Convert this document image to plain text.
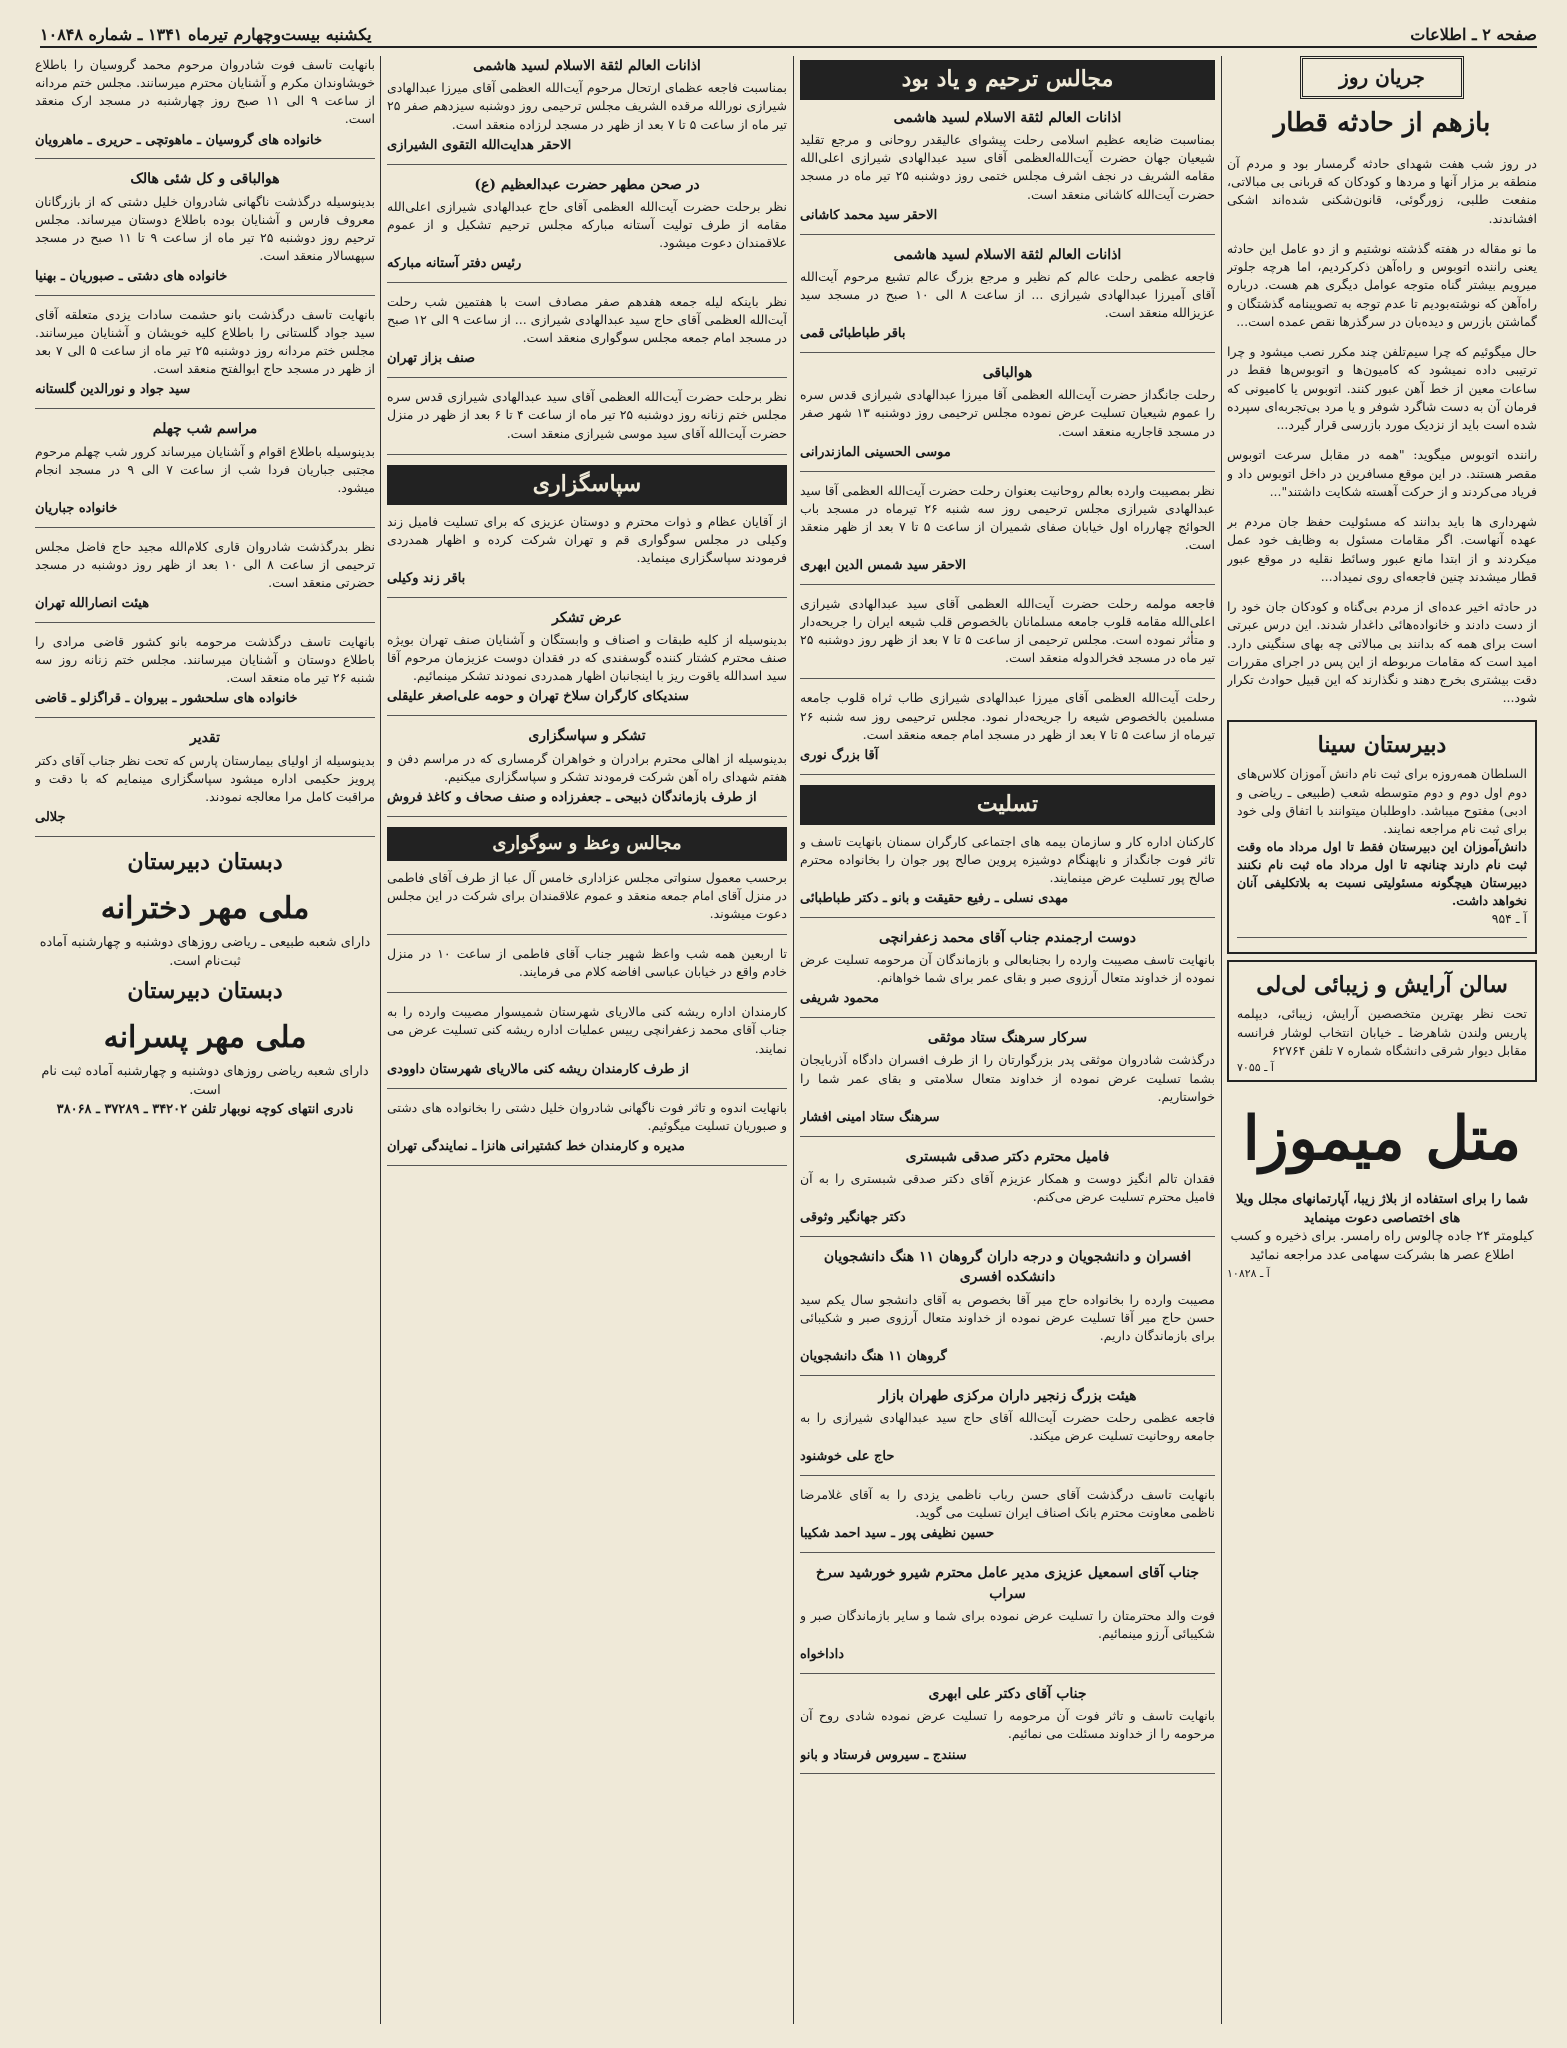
صفحه ۲ ـ اطلاعات
یکشنبه بیست‌وچهارم تیرماه ۱۳۴۱ ـ شماره ۱۰۸۴۸
جریان روز
بازهم از حادثه قطار

در روز شب هفت شهدای حادثه گرمسار بود و مردم آن منطقه بر مزار آنها و مردها و کودکان که قربانی بی مبالاتی، منفعت طلبی، زورگوئی، قانون‌شکنی شده‌اند اشکی افشاندند.

ما نو مقاله در هفته گذشته نوشتیم و از دو عامل این حادثه یعنی راننده اتوبوس و راه‌آهن ذکرکردیم، اما هرچه جلوتر میرویم بیشتر گناه متوجه عوامل دیگری هم هست. درباره راه‌آهن که نوشته‌بودیم تا عدم توجه به تصویبنامه گذشتگان و گماشتن بازرس و دیده‌بان در سرگذرها نقص عمده است...

حال میگوئیم که چرا سیم‌تلفن چند مکرر نصب میشود و چرا ترتیبی داده نمیشود که کامیون‌ها و اتوبوس‌ها فقط در ساعات معین از خط آهن عبور کنند. اتوبوس یا کامیونی که فرمان آن به دست شاگرد شوفر و یا مرد بی‌تجربه‌ای سپرده شده است باید از نزدیک مورد بازرسی قرار گیرد...

راننده اتوبوس میگوید: "همه در مقابل سرعت اتوبوس مقصر هستند. در این موقع مسافرین در داخل اتوبوس داد و فریاد می‌کردند و از حرکت آهسته شکایت داشتند"...

شهرداری ها باید بدانند که مسئولیت حفظ جان مردم بر عهده آنهاست. اگر مقامات مسئول به وظایف خود عمل میکردند و از ابتدا مانع عبور وسائط نقلیه در موقع عبور قطار میشدند چنین فاجعه‌ای روی نمیداد...

در حادثه اخیر عده‌ای از مردم بی‌گناه و کودکان جان خود را از دست دادند و خانواده‌هائی داغدار شدند. این درس عبرتی است برای همه که بدانند بی مبالاتی چه بهای سنگینی دارد. امید است که مقامات مربوطه از این پس در اجرای مقررات دقت بیشتری بخرج دهند و نگذارند که این قبیل حوادث تکرار شود...

دبیرستان سینا
السلطان همه‌روزه برای ثبت نام دانش آموزان کلاس‌های دوم اول دوم و دوم متوسطه شعب (طبیعی ـ ریاضی و ادبی) مفتوح میباشد. داوطلبان میتوانند با اتفاق ولی خود برای ثبت نام مراجعه نمایند.
دانش‌آموزان این دبیرستان فقط تا اول مرداد ماه وقت ثبت نام دارند چنانچه تا اول مرداد ماه ثبت نام نکنند دبیرستان هیچگونه مسئولیتی نسبت به بلاتکلیفی آنان نخواهد داشت.
آ ـ ۹۵۴
سالن آرایش و زیبائی لی‌لی
تحت نظر بهترین متخصصین آرایش، زیبائی، دیپلمه پاریس ولندن شاهرضا ـ خیابان انتخاب لوشار فرانسه مقابل دیوار شرقی دانشگاه شماره ۷ تلفن ۶۲۷۶۴
آ ـ ۷۰۵۵
متل میموزا
شما را برای استفاده از بلاژ زیبا، آپارتمانهای مجلل ویلا های اختصاصی دعوت مینماید
کیلومتر ۲۴ جاده چالوس راه رامسر. برای ذخیره و کسب اطلاع عصر ها بشرکت سهامی عدد مراجعه نمائید
آ ـ ۱۰۸۲۸
مجالس ترحیم و یاد بود
اذانات العالم لثقة الاسلام لسید هاشمی

بمناسبت ضایعه عظیم اسلامی رحلت پیشوای عالیقدر روحانی و مرجع تقلید شیعیان جهان حضرت آیت‌الله‌العظمی آقای سید عبدالهادی شیرازی اعلی‌الله مقامه الشریف در نجف اشرف مجلس ختمی روز دوشنبه ۲۵ تیر ماه در مسجد حضرت آیت‌الله کاشانی منعقد است.

الاحقر سید محمد کاشانی
اذانات العالم لثقة الاسلام لسید هاشمی

فاجعه عظمی رحلت عالم کم نظیر و مرجع بزرگ عالم تشیع مرحوم آیت‌الله آقای آمیرزا عبدالهادی شیرازی ... از ساعت ۸ الی ۱۰ صبح در مسجد سید عزیزالله منعقد است.

باقر طباطبائی قمی
هوالباقی

رحلت جانگداز حضرت آیت‌الله العظمی آقا میرزا عبدالهادی شیرازی قدس سره را عموم شیعیان تسلیت عرض نموده مجلس ترحیمی روز دوشنبه ۱۳ شهر صفر در مسجد قاجاریه منعقد است.

موسی الحسینی المازندرانی

نظر بمصیبت وارده بعالم روحانیت بعنوان رحلت حضرت آیت‌الله العظمی آقا سید عبدالهادی شیرازی مجلس ترحیمی روز سه شنبه ۲۶ تیرماه در مسجد باب الحوائج چهارراه اول خیابان صفای شمیران از ساعت ۵ تا ۷ بعد از ظهر منعقد است.

الاحقر سید شمس الدین ابهری

فاجعه مولمه رحلت حضرت آیت‌الله العظمی آقای سید عبدالهادی شیرازی اعلی‌الله مقامه قلوب جامعه مسلمانان بالخصوص قلب شیعه ایران را جریحه‌دار و متأثر نموده است. مجلس ترحیمی از ساعت ۵ تا ۷ بعد از ظهر روز دوشنبه ۲۵ تیر ماه در مسجد فخرالدوله منعقد است.

رحلت آیت‌الله العظمی آقای میرزا عبدالهادی شیرازی طاب ثراه قلوب جامعه مسلمین بالخصوص شیعه را جریحه‌دار نمود. مجلس ترحیمی روز سه شنبه ۲۶ تیرماه از ساعت ۵ تا ۷ بعد از ظهر در مسجد امام جمعه منعقد است.

آقا بزرگ نوری
تسلیت

کارکنان اداره کار و سازمان بیمه های اجتماعی کارگران سمنان بانهایت تاسف و تاثر فوت جانگداز و ناپهنگام دوشیزه پروین صالح پور جوان را بخانواده محترم صالح پور تسلیت عرض مینمایند.

مهدی نسلی ـ رفیع حقیقت و بانو ـ دکتر طباطبائی
دوست ارجمندم جناب آقای محمد زعفرانچی

بانهایت تاسف مصیبت وارده را بجنابعالی و بازماندگان آن مرحومه تسلیت عرض نموده از خداوند متعال آرزوی صبر و بقای عمر برای شما خواهانم.

محمود شریفی
سرکار سرهنگ ستاد موثقی

درگذشت شادروان موثقی پدر بزرگوارتان را از طرف افسران دادگاه آذربایجان بشما تسلیت عرض نموده از خداوند متعال سلامتی و بقای عمر شما را خواستاریم.

سرهنگ ستاد امینی افشار
فامیل محترم دکتر صدقی شبستری

فقدان تالم انگیز دوست و همکار عزیزم آقای دکتر صدقی شبستری را به آن فامیل محترم تسلیت عرض می‌کنم.

دکتر جهانگیر وثوقی
افسران و دانشجویان و درجه داران گروهان ۱۱ هنگ دانشجویان دانشکده افسری

مصیبت وارده را بخانواده حاج میر آقا بخصوص به آقای دانشجو سال یکم سید حسن حاج میر آقا تسلیت عرض نموده از خداوند متعال آرزوی صبر و شکیبائی برای بازماندگان داریم.

گروهان ۱۱ هنگ دانشجویان
هیئت بزرگ زنجیر داران مرکزی طهران بازار

فاجعه عظمی رحلت حضرت آیت‌الله آقای حاج سید عبدالهادی شیرازی را به جامعه روحانیت تسلیت عرض میکند.

حاج علی خوشنود

بانهایت تاسف درگذشت آقای حسن رباب ناظمی یزدی را به آقای غلامرضا ناظمی معاونت محترم بانک اصناف ایران تسلیت می گوید.

حسین نظیفی پور ـ سید احمد شکیبا
جناب آقای اسمعیل عزیزی مدیر عامل محترم شیرو خورشید سرخ سراب

فوت والد محترمتان را تسلیت عرض نموده برای شما و سایر بازماندگان صبر و شکیبائی آرزو مینمائیم.

داداخواه
جناب آقای دکتر علی ابهری

بانهایت تاسف و تاثر فوت آن مرحومه را تسلیت عرض نموده شادی روح آن مرحومه را از خداوند مسئلت می نمائیم.

سنندج ـ سیروس فرستاد و بانو
اذانات العالم لثقة الاسلام لسید هاشمی

بمناسبت فاجعه عظمای ارتحال مرحوم آیت‌الله العظمی آقای میرزا عبدالهادی شیرازی نورالله مرقده الشریف مجلس ترحیمی روز دوشنبه سیزدهم صفر ۲۵ تیر ماه از ساعت ۵ تا ۷ بعد از ظهر در مسجد لرزاده منعقد است.

الاحقر هدایت‌الله التقوی الشیرازی
در صحن مطهر حضرت عبدالعظیم (ع)

نظر برحلت حضرت آیت‌الله العظمی آقای حاج عبدالهادی شیرازی اعلی‌الله مقامه از طرف تولیت آستانه مبارکه مجلس ترحیم تشکیل و از عموم علاقمندان دعوت میشود.

رئیس دفتر آستانه مبارکه

نظر باینکه لیله جمعه هفدهم صفر مصادف است با هفتمین شب رحلت آیت‌الله العظمی آقای حاج سید عبدالهادی شیرازی ... از ساعت ۹ الی ۱۲ صبح در مسجد امام جمعه مجلس سوگواری منعقد است.

صنف بزاز تهران

نظر برحلت حضرت آیت‌الله العظمی آقای سید عبدالهادی شیرازی قدس سره مجلس ختم زنانه روز دوشنبه ۲۵ تیر ماه از ساعت ۴ تا ۶ بعد از ظهر در منزل حضرت آیت‌الله آقای سید موسی شیرازی منعقد است.

سپاسگزاری

از آقایان عظام و ذوات محترم و دوستان عزیزی که برای تسلیت فامیل زند وکیلی در مجلس سوگواری قم و تهران شرکت کرده و اظهار همدردی فرمودند سپاسگزاری مینماید.

باقر زند وکیلی
عرض تشکر

بدینوسیله از کلیه طبقات و اصناف و وابستگان و آشنایان صنف تهران بویژه صنف محترم کشتار کننده گوسفندی که در فقدان دوست عزیزمان مرحوم آقا سید اسدالله یاقوت ریز با اینجانبان اظهار همدردی نمودند تشکر مینمائیم.

سندیکای کارگران سلاخ تهران و حومه علی‌اصغر علیقلی
تشکر و سپاسگزاری

بدینوسیله از اهالی محترم برادران و خواهران گرمساری که در مراسم دفن و هفتم شهدای راه آهن شرکت فرمودند تشکر و سپاسگزاری میکنیم.

از طرف بازماندگان ذبیحی ـ جعفرزاده و صنف صحاف و کاغذ فروش
مجالس وعظ و سوگواری

برحسب معمول سنواتی مجلس عزاداری خامس آل عبا از طرف آقای فاطمی در منزل آقای امام جمعه منعقد و عموم علاقمندان برای شرکت در این مجلس دعوت میشوند.

تا اربعین همه شب واعظ شهیر جناب آقای فاطمی از ساعت ۱۰ در منزل خادم واقع در خیابان عباسی افاضه کلام می فرمایند.

کارمندان اداره ریشه کنی مالاریای شهرستان شمیسوار مصیبت وارده را به جناب آقای محمد زعفرانچی رییس عملیات اداره ریشه کنی تسلیت عرض می نمایند.

از طرف کارمندان ریشه کنی مالاریای شهرستان داوودی

بانهایت اندوه و تاثر فوت ناگهانی شادروان خلیل دشتی را بخانواده های دشتی و صبوریان تسلیت میگوئیم.

مدیره و کارمندان خط کشتیرانی هانزا ـ نمایندگی تهران

بانهایت تاسف فوت شادروان مرحوم محمد گروسیان را باطلاع خویشاوندان مکرم و آشنایان محترم میرسانند. مجلس ختم مردانه از ساعت ۹ الی ۱۱ صبح روز چهارشنبه در مسجد ارک منعقد است.

خانواده های گروسیان ـ ماهوتچی ـ حریری ـ ماهرویان
هوالباقی و کل شئی هالک

بدینوسیله درگذشت ناگهانی شادروان خلیل دشتی که از بازرگانان معروف فارس و آشنایان بوده باطلاع دوستان میرساند. مجلس ترحیم روز دوشنبه ۲۵ تیر ماه از ساعت ۹ تا ۱۱ صبح در مسجد سپهسالار منعقد است.

خانواده های دشتی ـ صبوریان ـ بهنیا

بانهایت تاسف درگذشت بانو حشمت سادات یزدی متعلقه آقای سید جواد گلستانی را باطلاع کلیه خویشان و آشنایان میرسانند. مجلس ختم مردانه روز دوشنبه ۲۵ تیر ماه از ساعت ۵ الی ۷ بعد از ظهر در مسجد حاج ابوالفتح منعقد است.

سید جواد و نورالدین گلستانه
مراسم شب چهلم

بدینوسیله باطلاع اقوام و آشنایان میرساند کرور شب چهلم مرحوم مجتبی جباریان فردا شب از ساعت ۷ الی ۹ در مسجد انجام میشود.

خانواده جباریان

نظر بدرگذشت شادروان قاری کلام‌الله مجید حاج فاضل مجلس ترحیمی از ساعت ۸ الی ۱۰ بعد از ظهر روز دوشنبه در مسجد حضرتی منعقد است.

هیئت انصارالله تهران

بانهایت تاسف درگذشت مرحومه بانو کشور قاضی مرادی را باطلاع دوستان و آشنایان میرسانند. مجلس ختم زنانه روز سه شنبه ۲۶ تیر ماه منعقد است.

خانواده های سلحشور ـ بیروان ـ قراگزلو ـ قاضی
تقدیر

بدینوسیله از اولیای بیمارستان پارس که تحت نظر جناب آقای دکتر پرویز حکیمی اداره میشود سپاسگزاری مینمایم که با دقت و مراقبت کامل مرا معالجه نمودند.

جلالی
دبستان دبیرستان
ملی مهر دخترانه
دارای شعبه طبیعی ـ ریاضی روزهای دوشنبه و چهارشنبه آماده ثبت‌نام است.
دبستان دبیرستان
ملی مهر پسرانه
دارای شعبه ریاضی روزهای دوشنبه و چهارشنبه آماده ثبت نام است.
نادری انتهای کوچه نوبهار تلفن ۳۴۲۰۲ ـ ۳۷۲۸۹ ـ ۳۸۰۶۸
